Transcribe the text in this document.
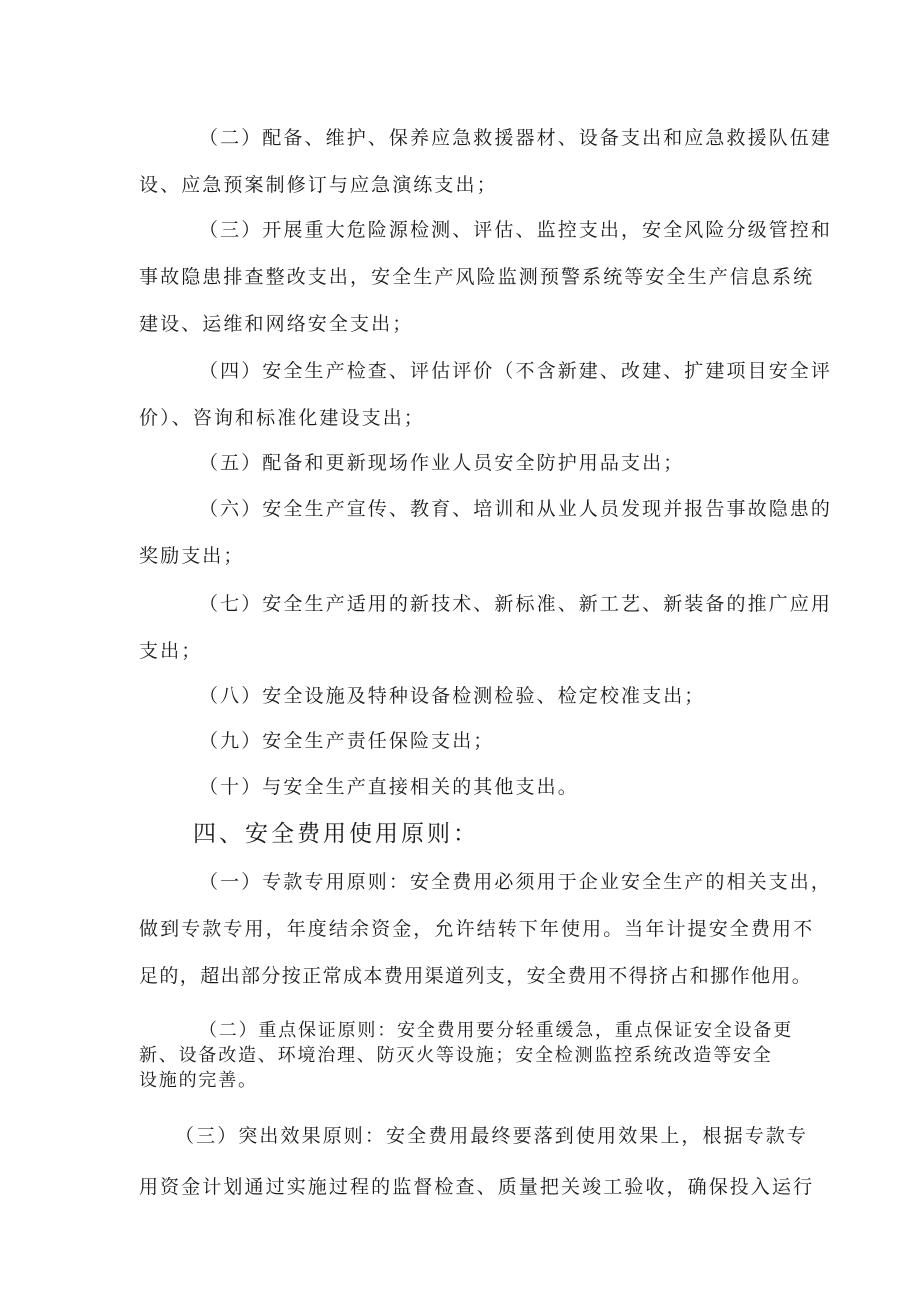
（二）配备、维护、保养应急救援器材、设备支出和应急救援队伍建
设、应急预案制修订与应急演练支出；
（三）开展重大危险源检测、评估、监控支出，安全风险分级管控和
事故隐患排查整改支出，安全生产风险监测预警系统等安全生产信息系统
建设、运维和网络安全支出；
（四）安全生产检查、评估评价（不含新建、改建、扩建项目安全评
价）、咨询和标准化建设支出；
（五）配备和更新现场作业人员安全防护用品支出；
（六）安全生产宣传、教育、培训和从业人员发现并报告事故隐患的
奖励支出；
（七）安全生产适用的新技术、新标准、新工艺、新装备的推广应用
支出；
（八）安全设施及特种设备检测检验、检定校准支出；
（九）安全生产责任保险支出；
（十）与安全生产直接相关的其他支出。
四、安全费用使用原则：
（一）专款专用原则：安全费用必须用于企业安全生产的相关支出，
做到专款专用，年度结余资金，允许结转下年使用。当年计提安全费用不
足的，超出部分按正常成本费用渠道列支，安全费用不得挤占和挪作他用。
（二）重点保证原则：安全费用要分轻重缓急，重点保证安全设备更
新、设备改造、环境治理、防灭火等设施；安全检测监控系统改造等安全
设施的完善。
（三）突出效果原则：安全费用最终要落到使用效果上，根据专款专
用资金计划通过实施过程的监督检查、质量把关竣工验收，确保投入运行
